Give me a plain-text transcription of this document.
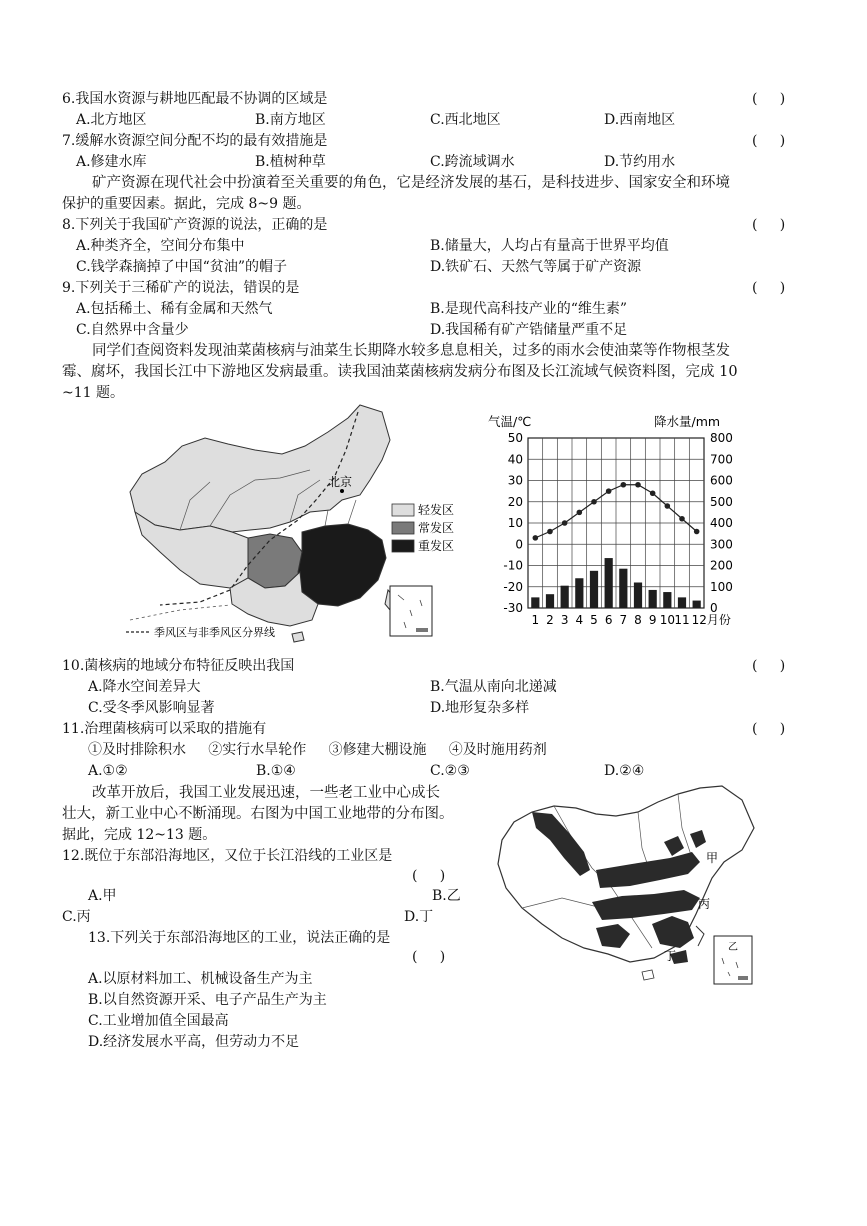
6.我国水资源与耕地匹配最不协调的区域是	(     )
A.北方地区	B.南方地区	C.西北地区	D.西南地区
7.缓解水资源空间分配不均的最有效措施是	(     )
A.修建水库	B.植树种草	C.跨流域调水	D.节约用水
矿产资源在现代社会中扮演着至关重要的角色，它是经济发展的基石，是科技进步、国家安全和环境
保护的重要因素。据此，完成 8~9 题。
8.下列关于我国矿产资源的说法，正确的是	(     )
A.种类齐全，空间分布集中	B.储量大，人均占有量高于世界平均值
C.钱学森摘掉了中国“贫油”的帽子	D.铁矿石、天然气等属于矿产资源
9.下列关于三稀矿产的说法，错误的是	(     )
A.包括稀土、稀有金属和天然气	B.是现代高科技产业的“维生素”
C.自然界中含量少	D.我国稀有矿产锆储量严重不足
同学们查阅资料发现油菜菌核病与油菜生长期降水较多息息相关，过多的雨水会使油菜等作物根茎发
霉、腐坏，我国长江中下游地区发病最重。读我国油菜菌核病发病分布图及长江流域气候资料图，完成 10
~11 题。
北京
轻发区
常发区
重发区
季风区与非季风区分界线
气温/℃	降水量/mm
50
40
30
20
10
0
-10
-20
-30
800
700
600
500
400
300
200
100
0
1 2 3 4 5 6 7 8 9 10 11 12月份
10.菌核病的地域分布特征反映出我国	(     )
A.降水空间差异大	B.气温从南向北递减
C.受冬季风影响显著	D.地形复杂多样
11.治理菌核病可以采取的措施有	(     )
①及时排除积水     ②实行水旱轮作     ③修建大棚设施     ④及时施用药剂
A.①②	B.①④	C.②③	D.②④
改革开放后，我国工业发展迅速，一些老工业中心成长
壮大，新工业中心不断涌现。右图为中国工业地带的分布图。
据此，完成 12~13 题。
12.既位于东部沿海地区，又位于长江沿线的工业区是
(     )
A.甲	B.乙
C.丙	D.丁
13.下列关于东部沿海地区的工业，说法正确的是
(     )
A.以原材料加工、机械设备生产为主
B.以自然资源开采、电子产品生产为主
C.工业增加值全国最高
D.经济发展水平高，但劳动力不足
甲
丙
丁
乙
